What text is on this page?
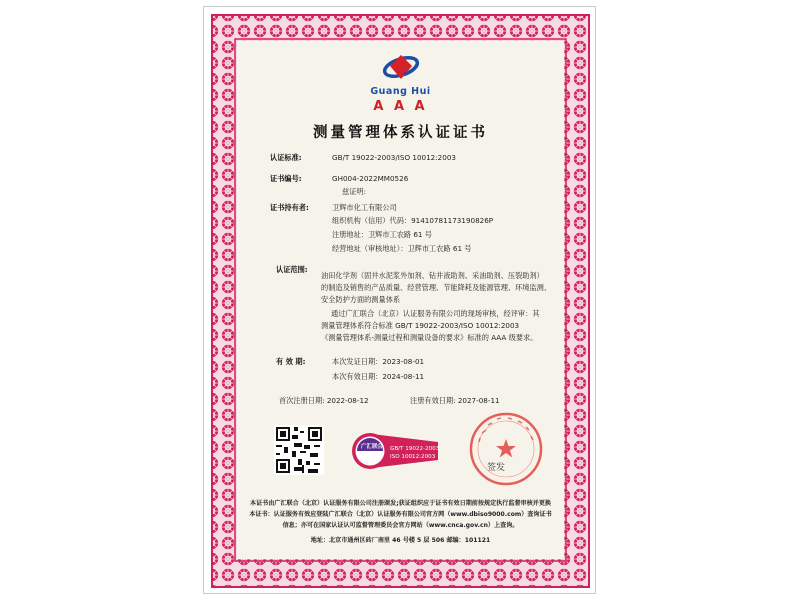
Guang Hui
A A A
测量管理体系认证证书
认证标准:	GB/T 19022-2003/ISO 10012:2003
证书编号:	GH004-2022MM0526
兹证明:
证书持有者:	卫辉市化工有限公司
组织机构（信用）代码：914107811731908​26P
注册地址：卫辉市工农路 61 号
经营地址（审核地址）：卫辉市工农路 61 号
认证范围:
油田化学剂（固井水泥浆外加剂、钻井液助剂、采油助剂、压裂助剂）
的制造及销售的产品质量、经营管理、节能降耗及能源管理、环境监测、
安全防护方面的测量体系
通过广汇联合（北京）认证服务有限公司的现场审核，经评审：其
测量管理体系符合标准 GB/T 19022-2003/ISO 10012:2003
《测量管理体系-测量过程和测量设备的要求》标准的 AAA 级要求。
有 效 期:	本次发证日期：2023-08-01
本次有效日期：2024-08-11
首次注册日期: 2022-08-12	注册有效日期: 2027-08-11
广汇联合 GB/T 19022-2003
ISO 10012:2003
签发
本证书由广汇联合（北京）认证服务有限公司注册颁发;获证组织应于证书有效日期前按规定执行监督审核并更换
本证书：认证服务有效应登陆广汇联合（北京）认证服务有限公司官方网（www.dbiso9000.com）查询证书
信息；亦可在国家认证认可监督管理委员会官方网站（www.cnca.gov.cn）上查询。
地址：北京市通州区砖厂南里 46 号楼 5 层 506 邮编：101121
